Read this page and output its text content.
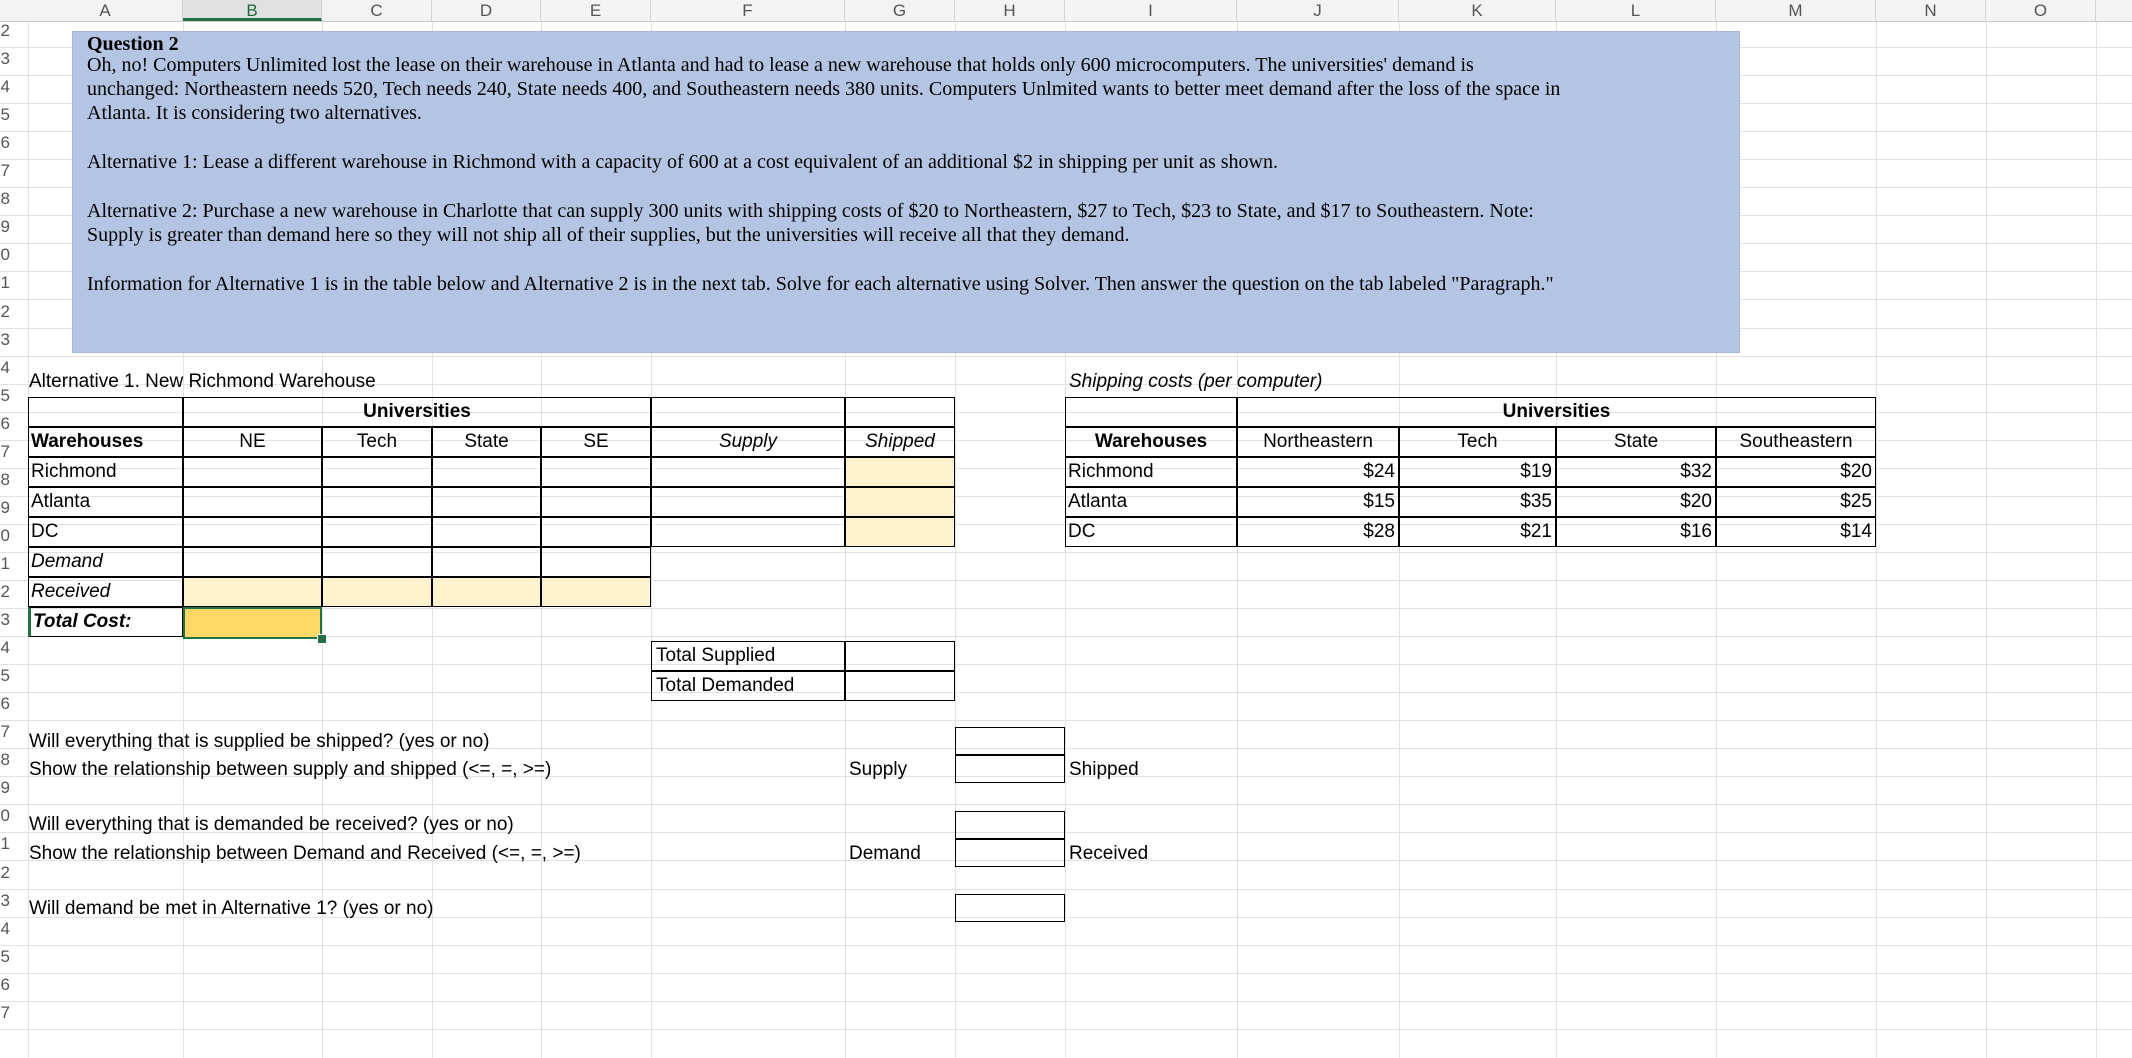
A	B	C	D	E	F	G	H	I	J	K	L	M	N	O
2
3
4
5
6
7
8
9
0
1
2
3
4
5
6
7
8
9
0
1
2
3
4
5
6
7
8
9
0
1
2
3
4
5
6
7
Question 2
Oh, no! Computers Unlimited lost the lease on their warehouse in Atlanta and had to lease a new warehouse that holds only 600 microcomputers. The universities' demand is
unchanged: Northeastern needs 520, Tech needs 240, State needs 400, and Southeastern needs 380 units. Computers Unlmited wants to better meet demand after the loss of the space in
Atlanta. It is considering two alternatives.
Alternative 1: Lease a different warehouse in Richmond with a capacity of 600 at a cost equivalent of an additional $2 in shipping per unit as shown.
Alternative 2: Purchase a new warehouse in Charlotte that can supply 300 units with shipping costs of $20 to Northeastern, $27 to Tech, $23 to State, and $17 to Southeastern. Note:
Supply is greater than demand here so they will not ship all of their supplies, but the universities will receive all that they demand.
Information for Alternative 1 is in the table below and Alternative 2 is in the next tab. Solve for each alternative using Solver. Then answer the question on the tab labeled "Paragraph."
Alternative 1. New Richmond Warehouse
Universities
Warehouses	NE	Tech	State	SE	Supply	Shipped
Richmond
Atlanta
DC
Demand
Received
Total Cost:
Total Supplied
Total Demanded
Shipping costs (per computer)
Universities
Warehouses	Northeastern	Tech	State	Southeastern
Richmond	$24	$19	$32	$20
Atlanta	$15	$35	$20	$25
DC	$28	$21	$16	$14
Will everything that is supplied be shipped? (yes or no)
Show the relationship between supply and shipped (<=, =, >=)	Supply	Shipped
Will everything that is demanded be received? (yes or no)
Show the relationship between Demand and Received (<=, =, >=)	Demand	Received
Will demand be met in Alternative 1? (yes or no)
